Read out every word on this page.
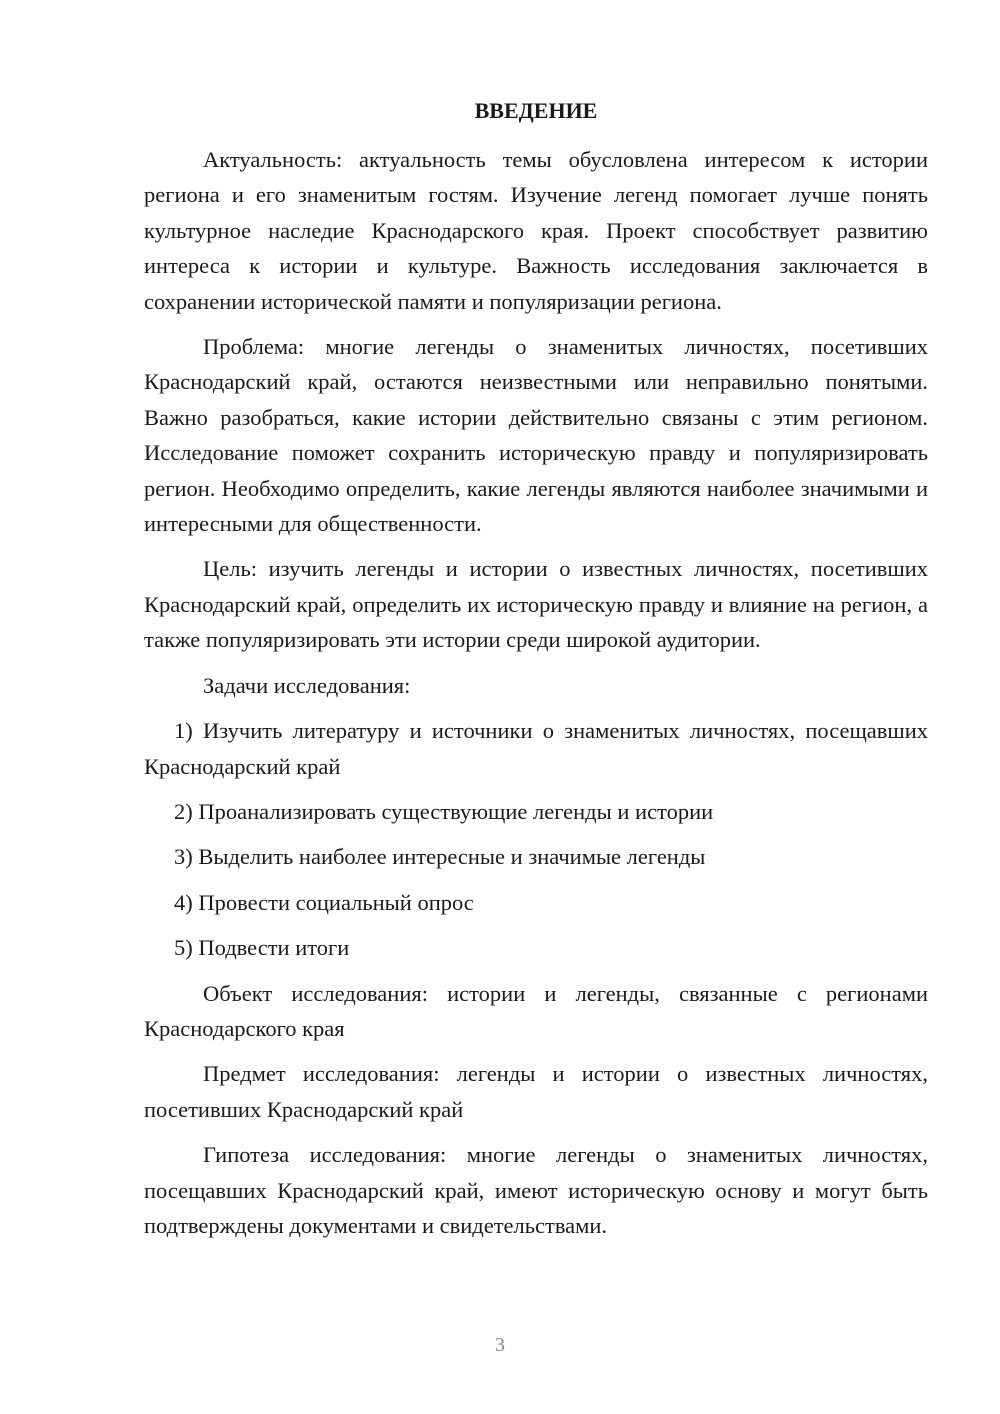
ВВЕДЕНИЕ

Актуальность: актуальность темы обусловлена интересом к истории региона и его знаменитым гостям. Изучение легенд помогает лучше понять культурное наследие Краснодарского края. Проект способствует развитию интереса к истории и культуре. Важность исследования заключается в сохранении исторической памяти и популяризации региона.

Проблема: многие легенды о знаменитых личностях, посетивших Краснодарский край, остаются неизвестными или неправильно понятыми. Важно разобраться, какие истории действительно связаны с этим регионом. Исследование поможет сохранить историческую правду и популяризировать регион. Необходимо определить, какие легенды являются наиболее значимыми и интересными для общественности.

Цель: изучить легенды и истории о известных личностях, посетивших Краснодарский край, определить их историческую правду и влияние на регион, а также популяризировать эти истории среди широкой аудитории.

Задачи исследования:

1) Изучить литературу и источники о знаменитых личностях, посещавших Краснодарский край

2) Проанализировать существующие легенды и истории

3) Выделить наиболее интересные и значимые легенды

4) Провести социальный опрос

5) Подвести итоги

Объект исследования: истории и легенды, связанные с регионами Краснодарского края

Предмет исследования: легенды и истории о известных личностях, посетивших Краснодарский край

Гипотеза исследования: многие легенды о знаменитых личностях, посещавших Краснодарский край, имеют историческую основу и могут быть подтверждены документами и свидетельствами.

3
